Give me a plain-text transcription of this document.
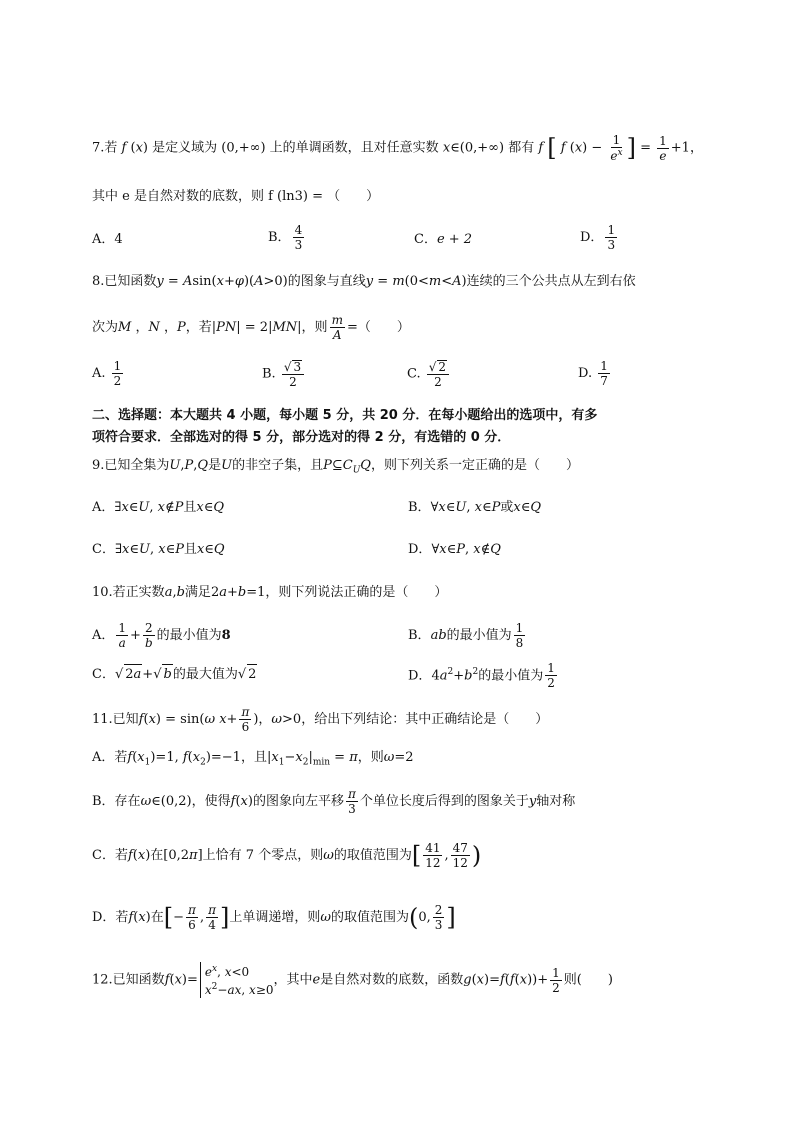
7.若 f (x) 是定义域为 (0,+∞) 上的单调函数，且对任意实数 x∈(0,+∞) 都有 f [ f $(x) - \frac{1}{e^x}$ ] = $\frac{1}{e} +1$，
其中 e 是自然对数的底数，则 f (ln3) = （　　）
A．4	B． $\frac{4}{3}$	C．e + 2	D． $\frac{1}{3}$
8.已知函数y = Asin(x+φ)(A>0)的图象与直线y = m(0<m<A)连续的三个公共点从左到右依
次为M ，N ，P，若|PN| = 2|MN|，则 $\frac{m}{A}$ =（　　）
A. $\frac{1}{2}$	B. $\frac{√ 3}{2}$	C. $\frac{√ 2}{2}$	D. $\frac{1}{7}$
二、选择题：本大题共 4 小题，每小题 5 分，共 20 分．在每小题给出的选项中，有多
项符合要求．全部选对的得 5 分，部分选对的得 2 分，有选错的 0 分．
9.已知全集为U,P,Q是U的非空子集，且$P⊆C_UQ$，则下列关系一定正确的是（　　）
A．∃x∈U, x∉P且x∈Q	B．∀x∈U, x∈P或x∈Q
C．∃x∈U, x∈P且x∈Q	D．∀x∈P, x∉Q
10.若正实数a,b满足2a+b=1，则下列说法正确的是（　　）
A． $\frac{1}{a} + \frac{2}{b}$ 的最小值为8	B．ab的最小值为 $\frac{1}{8}$
C．√ 2a+√ b的最大值为√ 2	D．$4a^2+b^2$的最小值为 $\frac{1}{2}$
11.已知f(x) = sin(ω $x+ \frac{\pi}{6}$ )，ω>0，给出下列结论：其中正确结论是（　　）
A．若$f(x_1)=1$, $f(x_2)=-1$，且$|x_1-x_2|_{min} = \pi$，则ω=2
B．存在ω∈(0,2)，使得f(x)的图象向左平移 $\frac{\pi}{3}$ 个单位长度后得到的图象关于y轴对称
C．若f(x)在[0,2π]上恰有 7 个零点，则ω的取值范围为[ $\frac{41}{12}$ , $\frac{47}{12}$ )
D．若f(x)在[− $\frac{\pi}{6}$ , $\frac{\pi}{4}$ ]上单调递增，则ω的取值范围为(0, $\frac{2}{3}$ ]
12.已知函数f(x)=
$e^x$, x<0
$x^2-ax$, x≥0
，其中e是自然对数的底数，函数$g(x)=f(f(x))+ \frac{1}{2}$ 则(　　)
